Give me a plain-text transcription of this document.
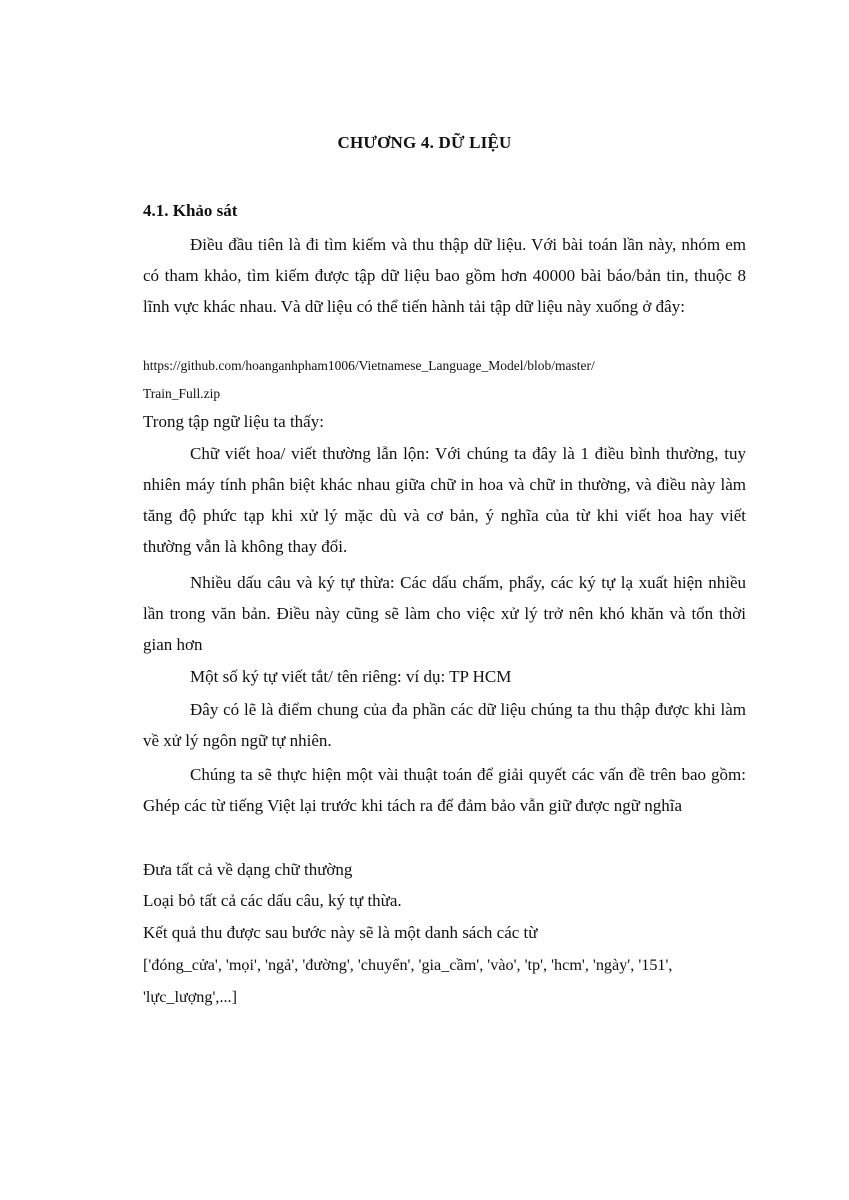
CHƯƠNG 4. DỮ LIỆU
4.1. Khảo sát
Điều đầu tiên là đi tìm kiếm và thu thập dữ liệu. Với bài toán lần này, nhóm em có tham khảo, tìm kiếm được tập dữ liệu bao gồm hơn 40000 bài báo/bản tin, thuộc 8 lĩnh vực khác nhau. Và dữ liệu có thể tiến hành tải tập dữ liệu này xuống ở đây:
https://github.com/hoanganhpham1006/Vietnamese_Language_Model/blob/master/
Train_Full.zip
Trong tập ngữ liệu ta thấy:
Chữ viết hoa/ viết thường lẫn lộn: Với chúng ta đây là 1 điều bình thường, tuy nhiên máy tính phân biệt khác nhau giữa chữ in hoa và chữ in thường, và điều này làm tăng độ phức tạp khi xử lý mặc dù và cơ bản, ý nghĩa của từ khi viết hoa hay viết thường vẫn là không thay đổi.
Nhiều dấu câu và ký tự thừa: Các dấu chấm, phẩy, các ký tự lạ xuất hiện nhiều lần trong văn bản. Điều này cũng sẽ làm cho việc xử lý trở nên khó khăn và tốn thời gian hơn
Một số ký tự viết tắt/ tên riêng: ví dụ: TP HCM
Đây có lẽ là điểm chung của đa phần các dữ liệu chúng ta thu thập được khi làm về xử lý ngôn ngữ tự nhiên.
Chúng ta sẽ thực hiện một vài thuật toán để giải quyết các vấn đề trên bao gồm: Ghép các từ tiếng Việt lại trước khi tách ra để đảm bảo vẫn giữ được ngữ nghĩa
Đưa tất cả về dạng chữ thường
Loại bỏ tất cả các dấu câu, ký tự thừa.
Kết quả thu được sau bước này sẽ là một danh sách các từ
['đóng_cửa', 'mọi', 'ngả', 'đường', 'chuyển', 'gia_cầm', 'vào', 'tp', 'hcm', 'ngày', '151',
'lực_lượng',...]
